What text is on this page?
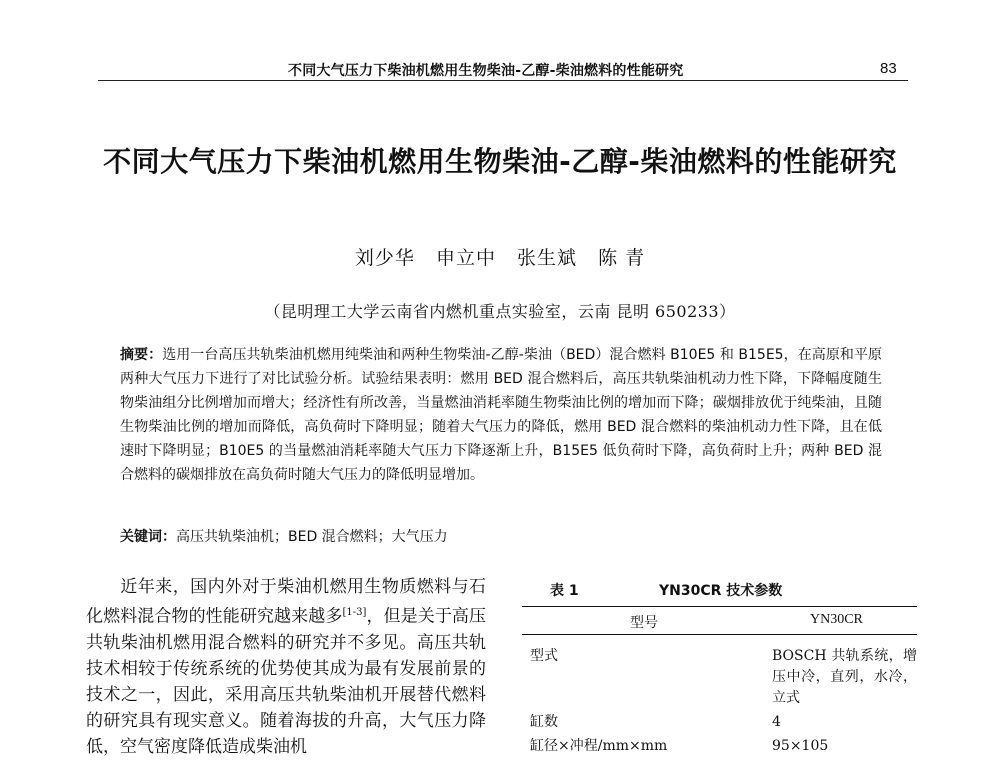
不同大气压力下柴油机燃用生物柴油-乙醇-柴油燃料的性能研究	83
不同大气压力下柴油机燃用生物柴油-乙醇-柴油燃料的性能研究
刘少华 申立中 张生斌 陈 青
（昆明理工大学云南省内燃机重点实验室，云南 昆明 650233）
摘要：选用一台高压共轨柴油机燃用纯柴油和两种生物柴油-乙醇-柴油（BED）混合燃料 B10E5 和 B15E5，在高原和平原两种大气压力下进行了对比试验分析。试验结果表明：燃用 BED 混合燃料后，高压共轨柴油机动力性下降，下降幅度随生物柴油组分比例增加而增大；经济性有所改善，当量燃油消耗率随生物柴油比例的增加而下降；碳烟排放优于纯柴油，且随生物柴油比例的增加而降低，高负荷时下降明显；随着大气压力的降低，燃用 BED 混合燃料的柴油机动力性下降，且在低速时下降明显；B10E5 的当量燃油消耗率随大气压力下降逐渐上升，B15E5 低负荷时下降，高负荷时上升；两种 BED 混合燃料的碳烟排放在高负荷时随大气压力的降低明显增加。
关键词：高压共轨柴油机；BED 混合燃料；大气压力
近年来，国内外对于柴油机燃用生物质燃料与石化燃料混合物的性能研究越来越多[1-3]，但是关于高压共轨柴油机燃用混合燃料的研究并不多见。高压共轨技术相较于传统系统的优势使其成为最有发展前景的技术之一，因此，采用高压共轨柴油机开展替代燃料的研究具有现实意义。随着海拔的升高，大气压力降低，空气密度降低造成柴油机
表 1	YN30CR 技术参数
型号	YN30CR
型式	BOSCH 共轨系统，增压中冷，直列，水冷，立式
缸数	4
缸径×冲程/mm×mm	95×105
